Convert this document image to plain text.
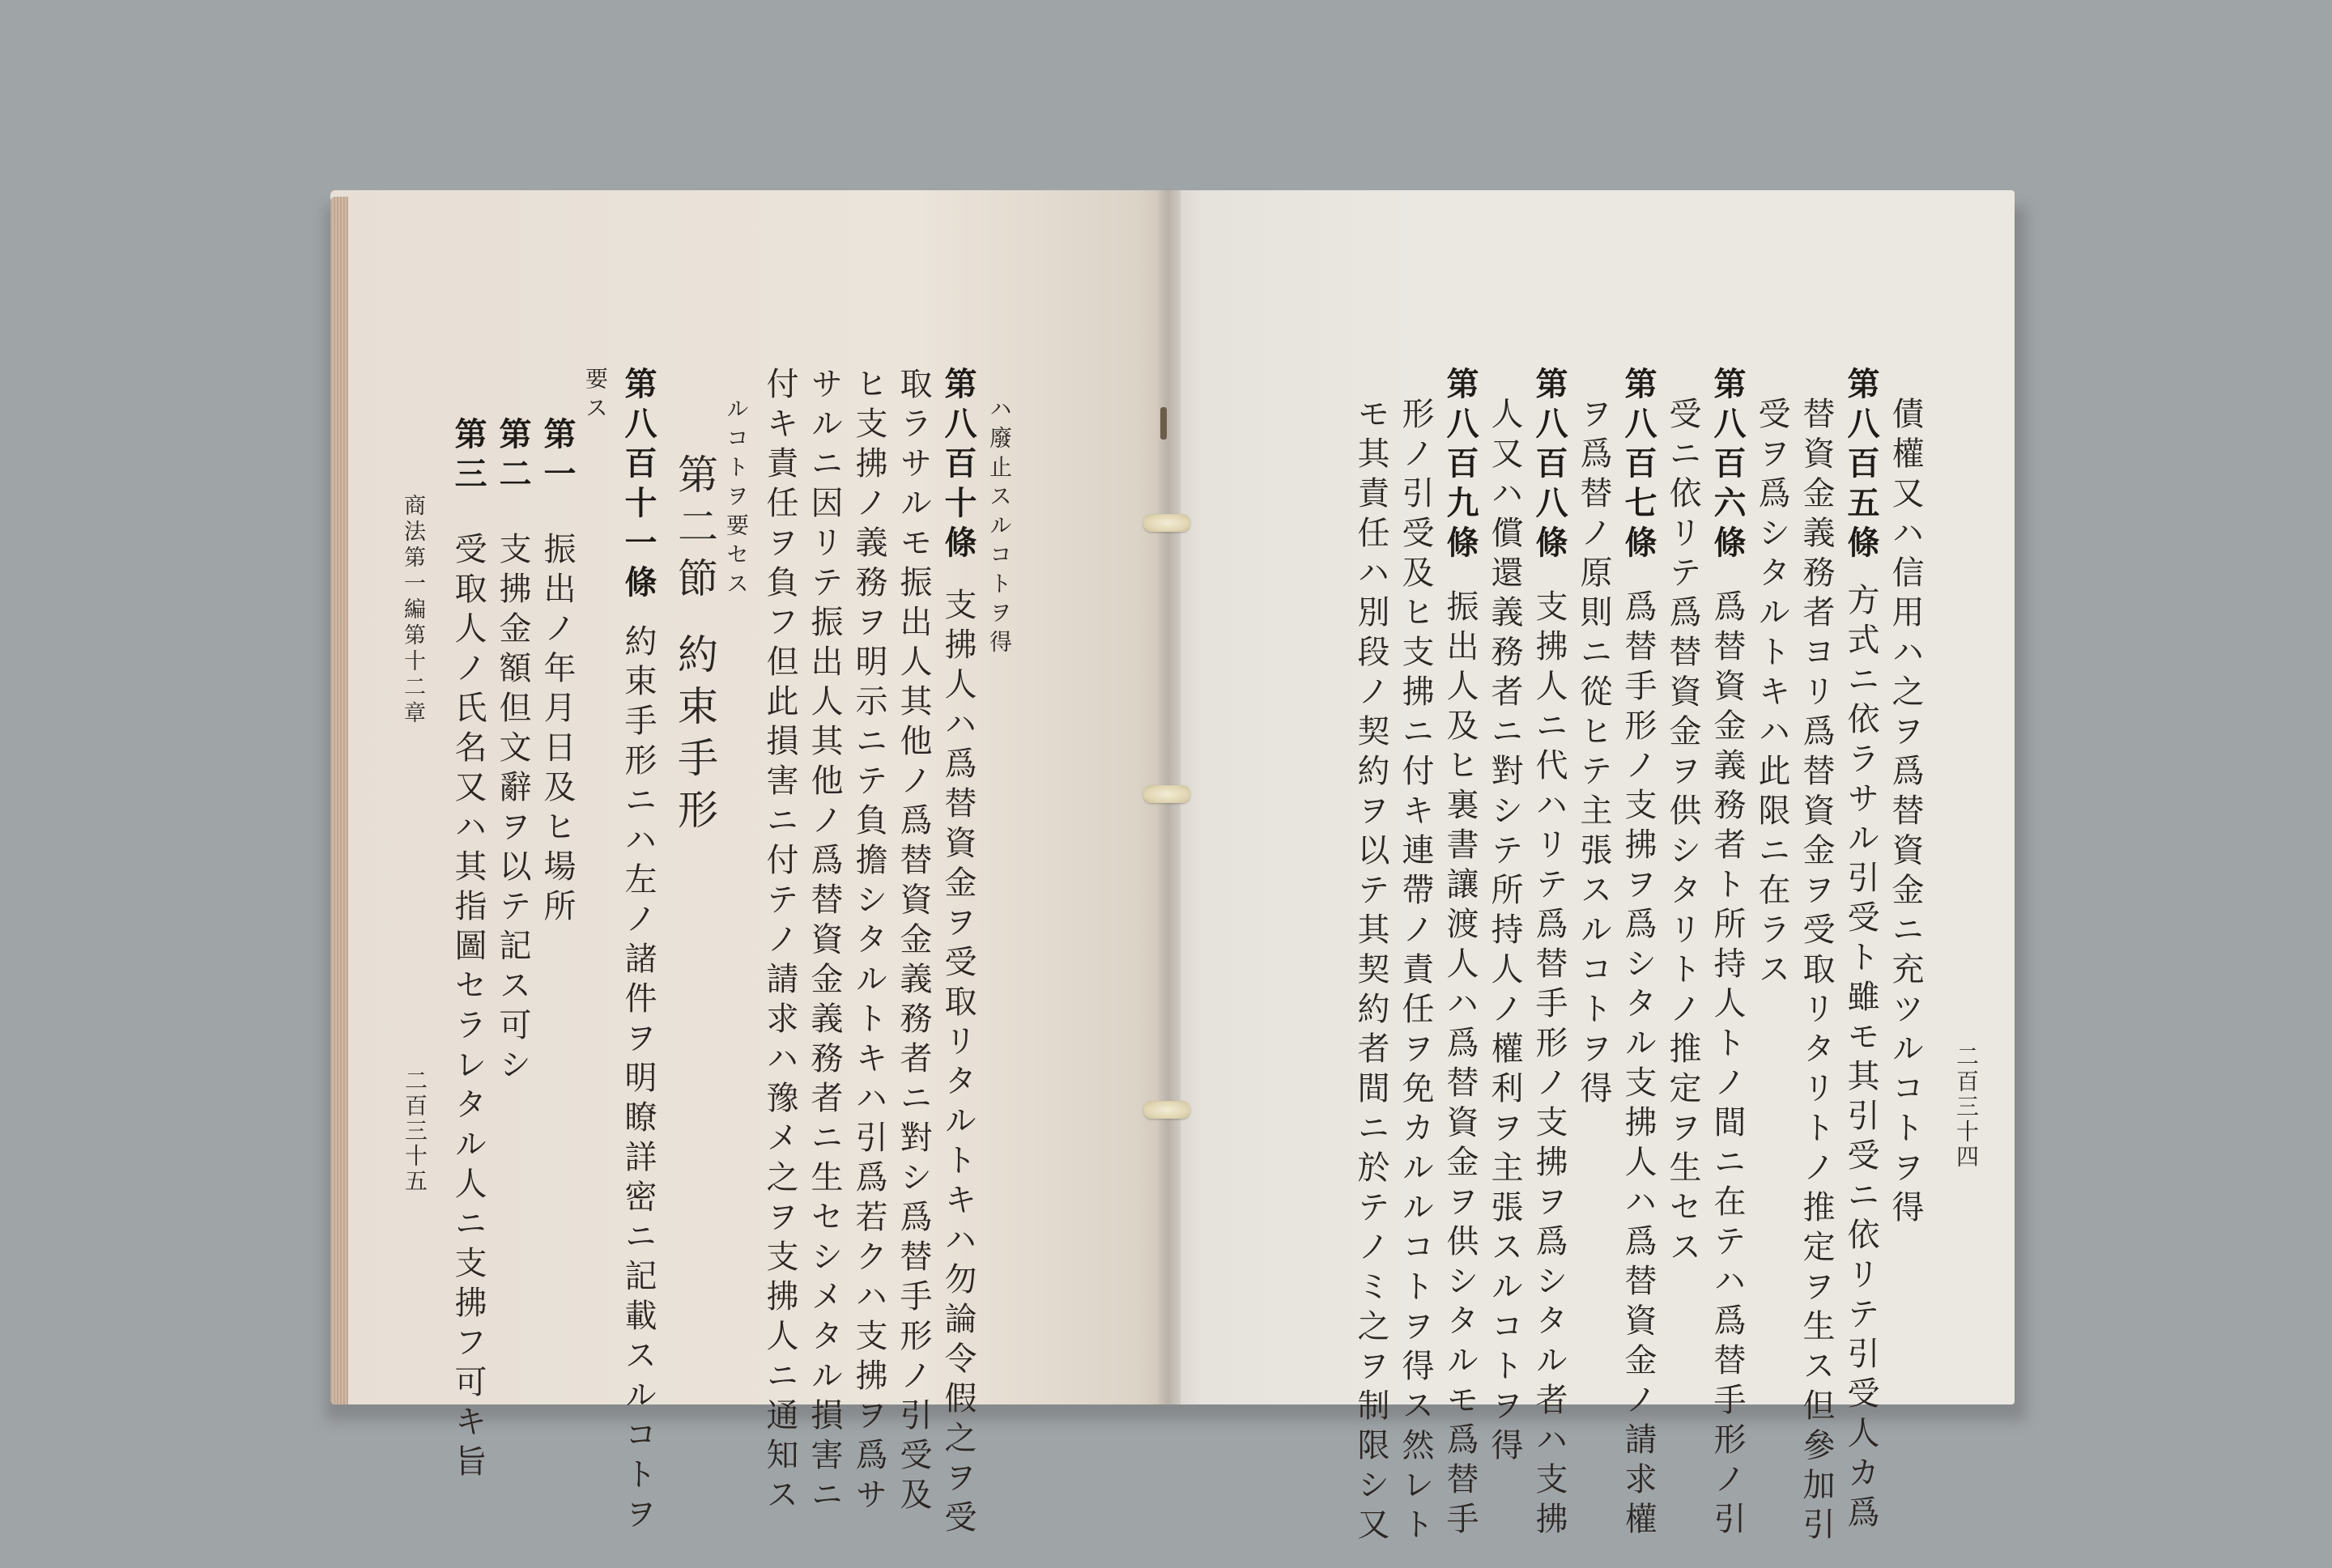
ハ廢止スルコトヲ得
第八百十條支拂人ハ爲替資金ヲ受取リタルトキハ勿論令假之ヲ受
取ラサルモ振出人其他ノ爲替資金義務者ニ對シ爲替手形ノ引受及
ヒ支拂ノ義務ヲ明示ニテ負擔シタルトキハ引爲若クハ支拂ヲ爲サ
サルニ因リテ振出人其他ノ爲替資金義務者ニ生セシメタル損害ニ
付キ責任ヲ負フ但此損害ニ付テノ請求ハ豫メ之ヲ支拂人ニ通知ス
ルコトヲ要セス
第二節約束手形
第八百十一條約束手形ニハ左ノ諸件ヲ明瞭詳密ニ記載スルコトヲ
要ス
第一振出ノ年月日及ヒ場所
第二支拂金額但文辭ヲ以テ記ス可シ
第三受取人ノ氏名又ハ其指圖セラレタル人ニ支拂フ可キ旨
商法第一編第十二章
二百三十五	二百三十四
債權又ハ信用ハ之ヲ爲替資金ニ充ツルコトヲ得
第八百五條方式ニ依ラサル引受ト雖モ其引受ニ依リテ引受人カ爲
替資金義務者ヨリ爲替資金ヲ受取リタリトノ推定ヲ生ス但參加引
受ヲ爲シタルトキハ此限ニ在ラス
第八百六條爲替資金義務者ト所持人トノ間ニ在テハ爲替手形ノ引
受ニ依リテ爲替資金ヲ供シタリトノ推定ヲ生セス
第八百七條爲替手形ノ支拂ヲ爲シタル支拂人ハ爲替資金ノ請求權
ヲ爲替ノ原則ニ從ヒテ主張スルコトヲ得
第八百八條支拂人ニ代ハリテ爲替手形ノ支拂ヲ爲シタル者ハ支拂
人又ハ償還義務者ニ對シテ所持人ノ權利ヲ主張スルコトヲ得
第八百九條振出人及ヒ裏書讓渡人ハ爲替資金ヲ供シタルモ爲替手
形ノ引受及ヒ支拂ニ付キ連帶ノ責任ヲ免カルルコトヲ得ス然レト
モ其責任ハ別段ノ契約ヲ以テ其契約者間ニ於テノミ之ヲ制限シ又
